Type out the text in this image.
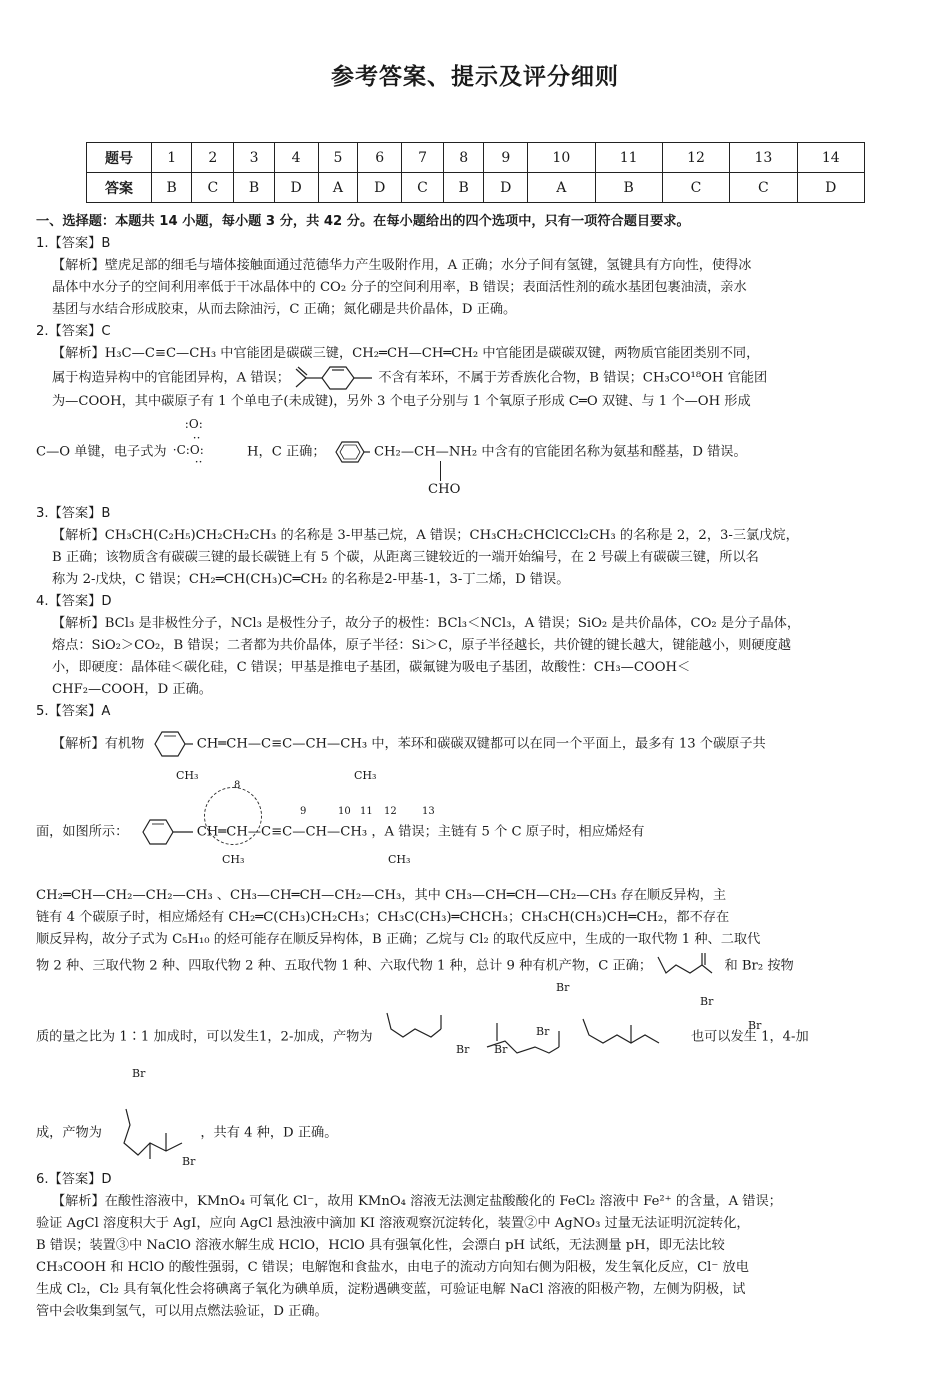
参考答案、提示及评分细则
题号	1	2	3	4	5	6	7	8	9	10	11	12	13	14
答案	B	C	B	D	A	D	C	B	D	A	B	C	C	D

一、选择题：本题共 14 小题，每小题 3 分，共 42 分。在每小题给出的四个选项中，只有一项符合题目要求。

1.【答案】B

【解析】壁虎足部的细毛与墙体接触面通过范德华力产生吸附作用，A 正确；水分子间有氢键，氢键具有方向性，使得冰

晶体中水分子的空间利用率低于干冰晶体中的 CO₂ 分子的空间利用率，B 错误；表面活性剂的疏水基团包裹油渍，亲水

基团与水结合形成胶束，从而去除油污，C 正确；氮化硼是共价晶体，D 正确。

2.【答案】C

【解析】H₃C—C≡C—CH₃ 中官能团是碳碳三键，CH₂═CH—CH═CH₂ 中官能团是碳碳双键，两物质官能团类别不同，

属于构造异构中的官能团异构，A 错误；	不含有苯环，不属于芳香族化合物，B 错误；CH₃CO¹⁸OH 官能团

为—COOH，其中碳原子有 1 个单电子(未成键)，另外 3 个电子分别与 1 个氧原子形成 C═O 双键、与 1 个—OH 形成

C—O 单键，电子式为
:O:
··
·C:O:
··
H，C 正确；	CH₂—CH—NH₂ 中含有的官能团名称为氨基和醛基，D 错误。
CHO

3.【答案】B

【解析】CH₃CH(C₂H₅)CH₂CH₂CH₃ 的名称是 3-甲基己烷，A 错误；CH₃CH₂CHClCCl₂CH₃ 的名称是 2，2，3-三氯戊烷，

B 正确；该物质含有碳碳三键的最长碳链上有 5 个碳，从距离三键较近的一端开始编号，在 2 号碳上有碳碳三键，所以名

称为 2-戊炔，C 错误；CH₂═CH(CH₃)C═CH₂ 的名称是2-甲基-1，3-丁二烯，D 错误。

4.【答案】D

【解析】BCl₃ 是非极性分子，NCl₃ 是极性分子，故分子的极性：BCl₃＜NCl₃，A 错误；SiO₂ 是共价晶体，CO₂ 是分子晶体，

熔点：SiO₂＞CO₂，B 错误；二者都为共价晶体，原子半径：Si＞C，原子半径越长，共价键的键长越大，键能越小，则硬度越

小，即硬度：晶体硅＜碳化硅，C 错误；甲基是推电子基团，碳氟键为吸电子基团，故酸性：CH₃—COOH＜

CHF₂—COOH，D 正确。

5.【答案】A

【解析】有机物	CH═CH—C≡C—CH—CH₃ 中，苯环和碳碳双键都可以在同一个平面上，最多有 13 个碳原子共
CH₃	CH₃
8
9	10 11 12	13
面，如图所示：	CH═CH—C≡C—CH—CH₃ ，A 错误；主链有 5 个 C 原子时，相应烯烃有
CH₃	CH₃

CH₂═CH—CH₂—CH₂—CH₃ 、CH₃—CH═CH—CH₂—CH₃，其中 CH₃—CH═CH—CH₂—CH₃ 存在顺反异构，主

链有 4 个碳原子时，相应烯烃有 CH₂═C(CH₃)CH₂CH₃；CH₃C(CH₃)═CHCH₃；CH₃CH(CH₃)CH═CH₂，都不存在

顺反异构，故分子式为 C₅H₁₀ 的烃可能存在顺反异构体，B 正确；乙烷与 Cl₂ 的取代反应中，生成的一取代物 1 种、二取代

物 2 种、三取代物 2 种、四取代物 2 种、五取代物 1 种、六取代物 1 种，总计 9 种有机产物，C 正确；	和 Br₂ 按物

质的量之比为 1∶1 加成时，可以发生1，2-加成，产物为	也可以发生 1，4-加
Br Br
Br
Br
Br
Br
成，产物为	，共有 4 种，D 正确。
Br
Br

6.【答案】D

【解析】在酸性溶液中，KMnO₄ 可氧化 Cl⁻，故用 KMnO₄ 溶液无法测定盐酸酸化的 FeCl₂ 溶液中 Fe²⁺ 的含量，A 错误；

验证 AgCl 溶度积大于 AgI，应向 AgCl 悬浊液中滴加 KI 溶液观察沉淀转化，装置②中 AgNO₃ 过量无法证明沉淀转化，

B 错误；装置③中 NaClO 溶液水解生成 HClO，HClO 具有强氧化性，会漂白 pH 试纸，无法测量 pH，即无法比较

CH₃COOH 和 HClO 的酸性强弱，C 错误；电解饱和食盐水，由电子的流动方向知右侧为阳极，发生氧化反应，Cl⁻ 放电

生成 Cl₂，Cl₂ 具有氧化性会将碘离子氧化为碘单质，淀粉遇碘变蓝，可验证电解 NaCl 溶液的阳极产物，左侧为阴极，试

管中会收集到氢气，可以用点燃法验证，D 正确。
